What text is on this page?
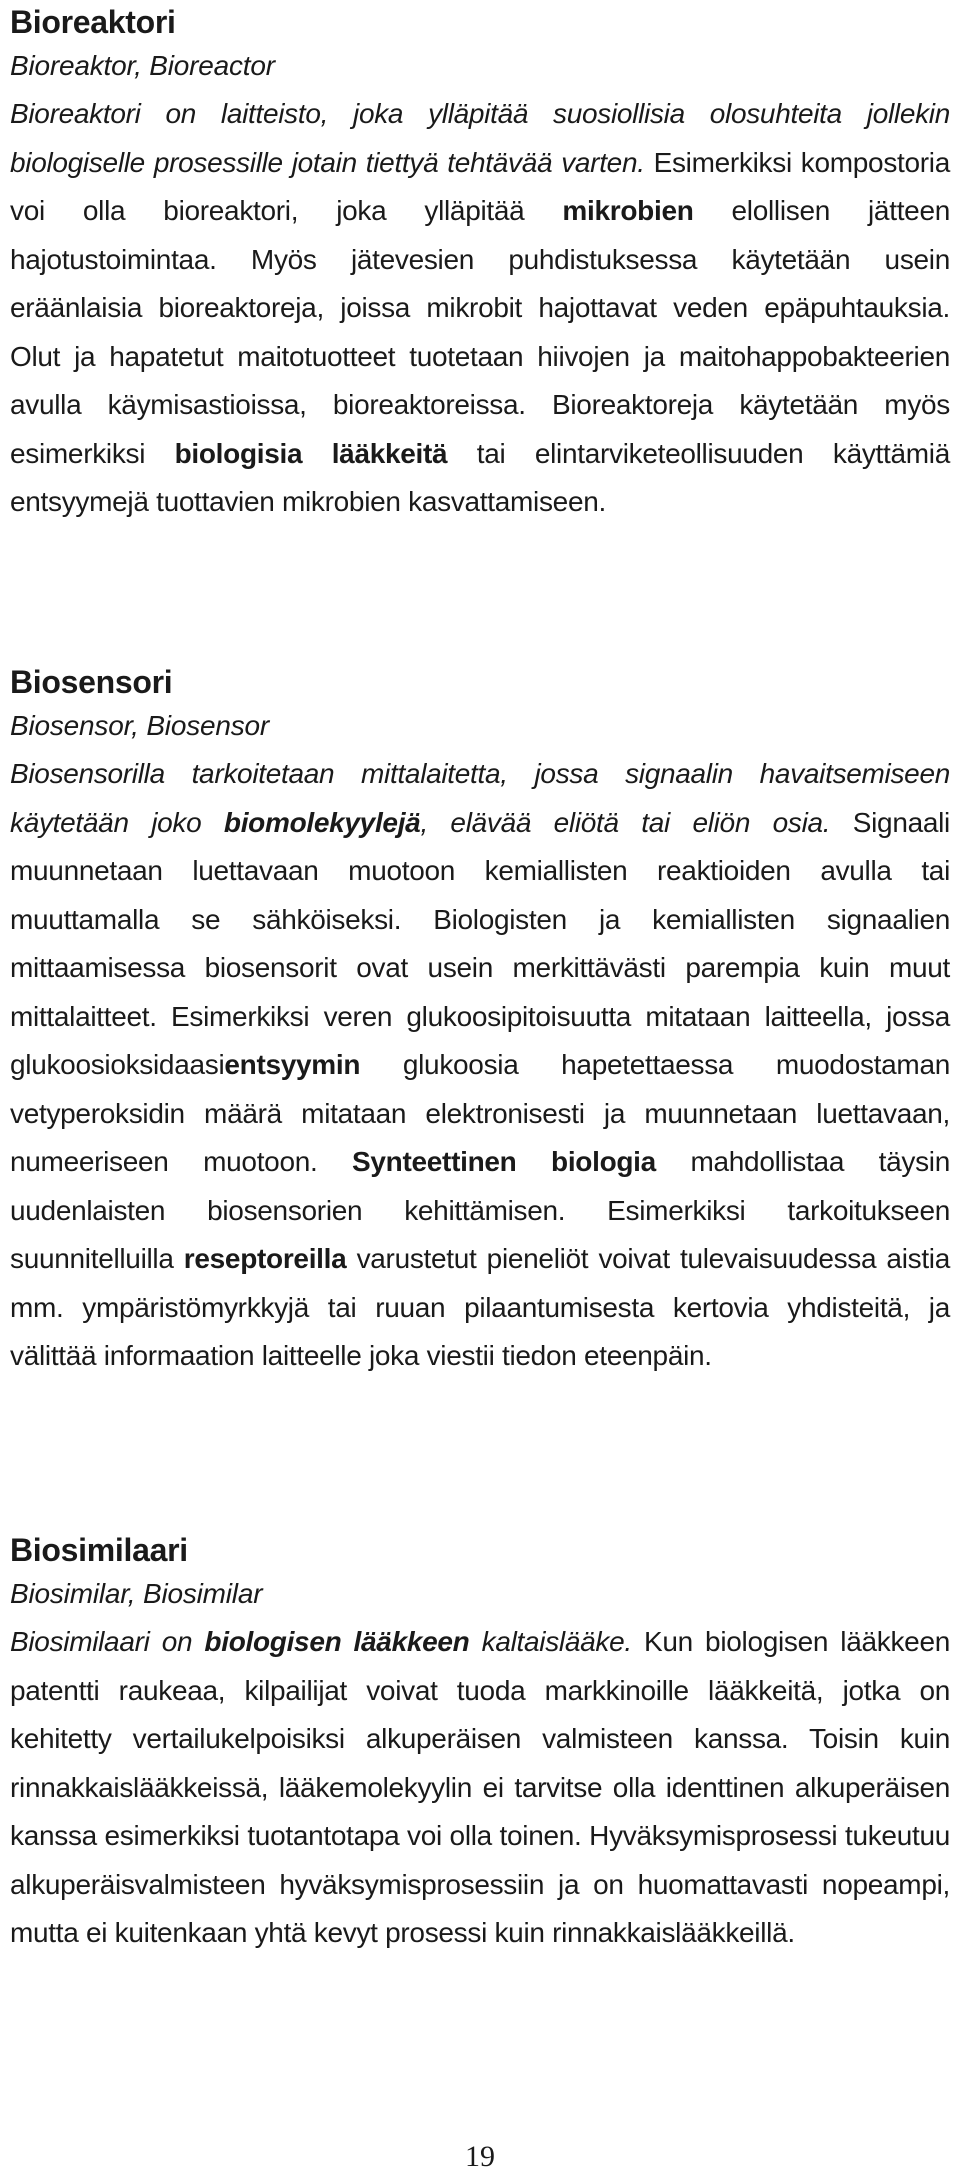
Bioreaktori

Bioreaktor, Bioreactor

Bioreaktori on laitteisto, joka ylläpitää suosiollisia olosuhteita jollekin biologiselle prosessille jotain tiettyä tehtävää varten. Esimerkiksi kompostoria voi olla bioreaktori, joka ylläpitää mikrobien elollisen jätteen hajotustoimintaa. Myös jätevesien puhdistuksessa käytetään usein eräänlaisia bioreaktoreja, joissa mikrobit hajottavat veden epäpuhtauksia. Olut ja hapatetut maitotuotteet tuotetaan hiivojen ja maitohappobakteerien avulla käymisastioissa, bioreaktoreissa. Bioreaktoreja käytetään myös esimerkiksi biologisia lääkkeitä tai elintarviketeollisuuden käyttämiä entsyymejä tuottavien mikrobien kasvattamiseen.

Biosensori

Biosensor, Biosensor

Biosensorilla tarkoitetaan mittalaitetta, jossa signaalin havaitsemiseen käytetään joko biomolekyylejä, elävää eliötä tai eliön osia. Signaali muunnetaan luettavaan muotoon kemiallisten reaktioiden avulla tai muuttamalla se sähköiseksi. Biologisten ja kemiallisten signaalien mittaamisessa biosensorit ovat usein merkittävästi parempia kuin muut mittalaitteet. Esimerkiksi veren glukoosipitoisuutta mitataan laitteella, jossa glukoosioksidaasientsyymin glukoosia hapetettaessa muodostaman vetyperoksidin määrä mitataan elektronisesti ja muunnetaan luettavaan, numeeriseen muotoon. Synteettinen biologia mahdollistaa täysin uudenlaisten biosensorien kehittämisen. Esimerkiksi tarkoitukseen suunnitelluilla reseptoreilla varustetut pieneliöt voivat tulevaisuudessa aistia mm. ympäristömyrkkyjä tai ruuan pilaantumisesta kertovia yhdisteitä, ja välittää informaation laitteelle joka viestii tiedon eteenpäin.

Biosimilaari

Biosimilar, Biosimilar

Biosimilaari on biologisen lääkkeen kaltaislääke. Kun biologisen lääkkeen patentti raukeaa, kilpailijat voivat tuoda markkinoille lääkkeitä, jotka on kehitetty vertailukelpoisiksi alkuperäisen valmisteen kanssa. Toisin kuin rinnakkaislääkkeissä, lääkemolekyylin ei tarvitse olla identtinen alkuperäisen kanssa esimerkiksi tuotantotapa voi olla toinen. Hyväksymisprosessi tukeutuu alkuperäisvalmisteen hyväksymisprosessiin ja on huomattavasti nopeampi, mutta ei kuitenkaan yhtä kevyt prosessi kuin rinnakkaislääkkeillä.

19
